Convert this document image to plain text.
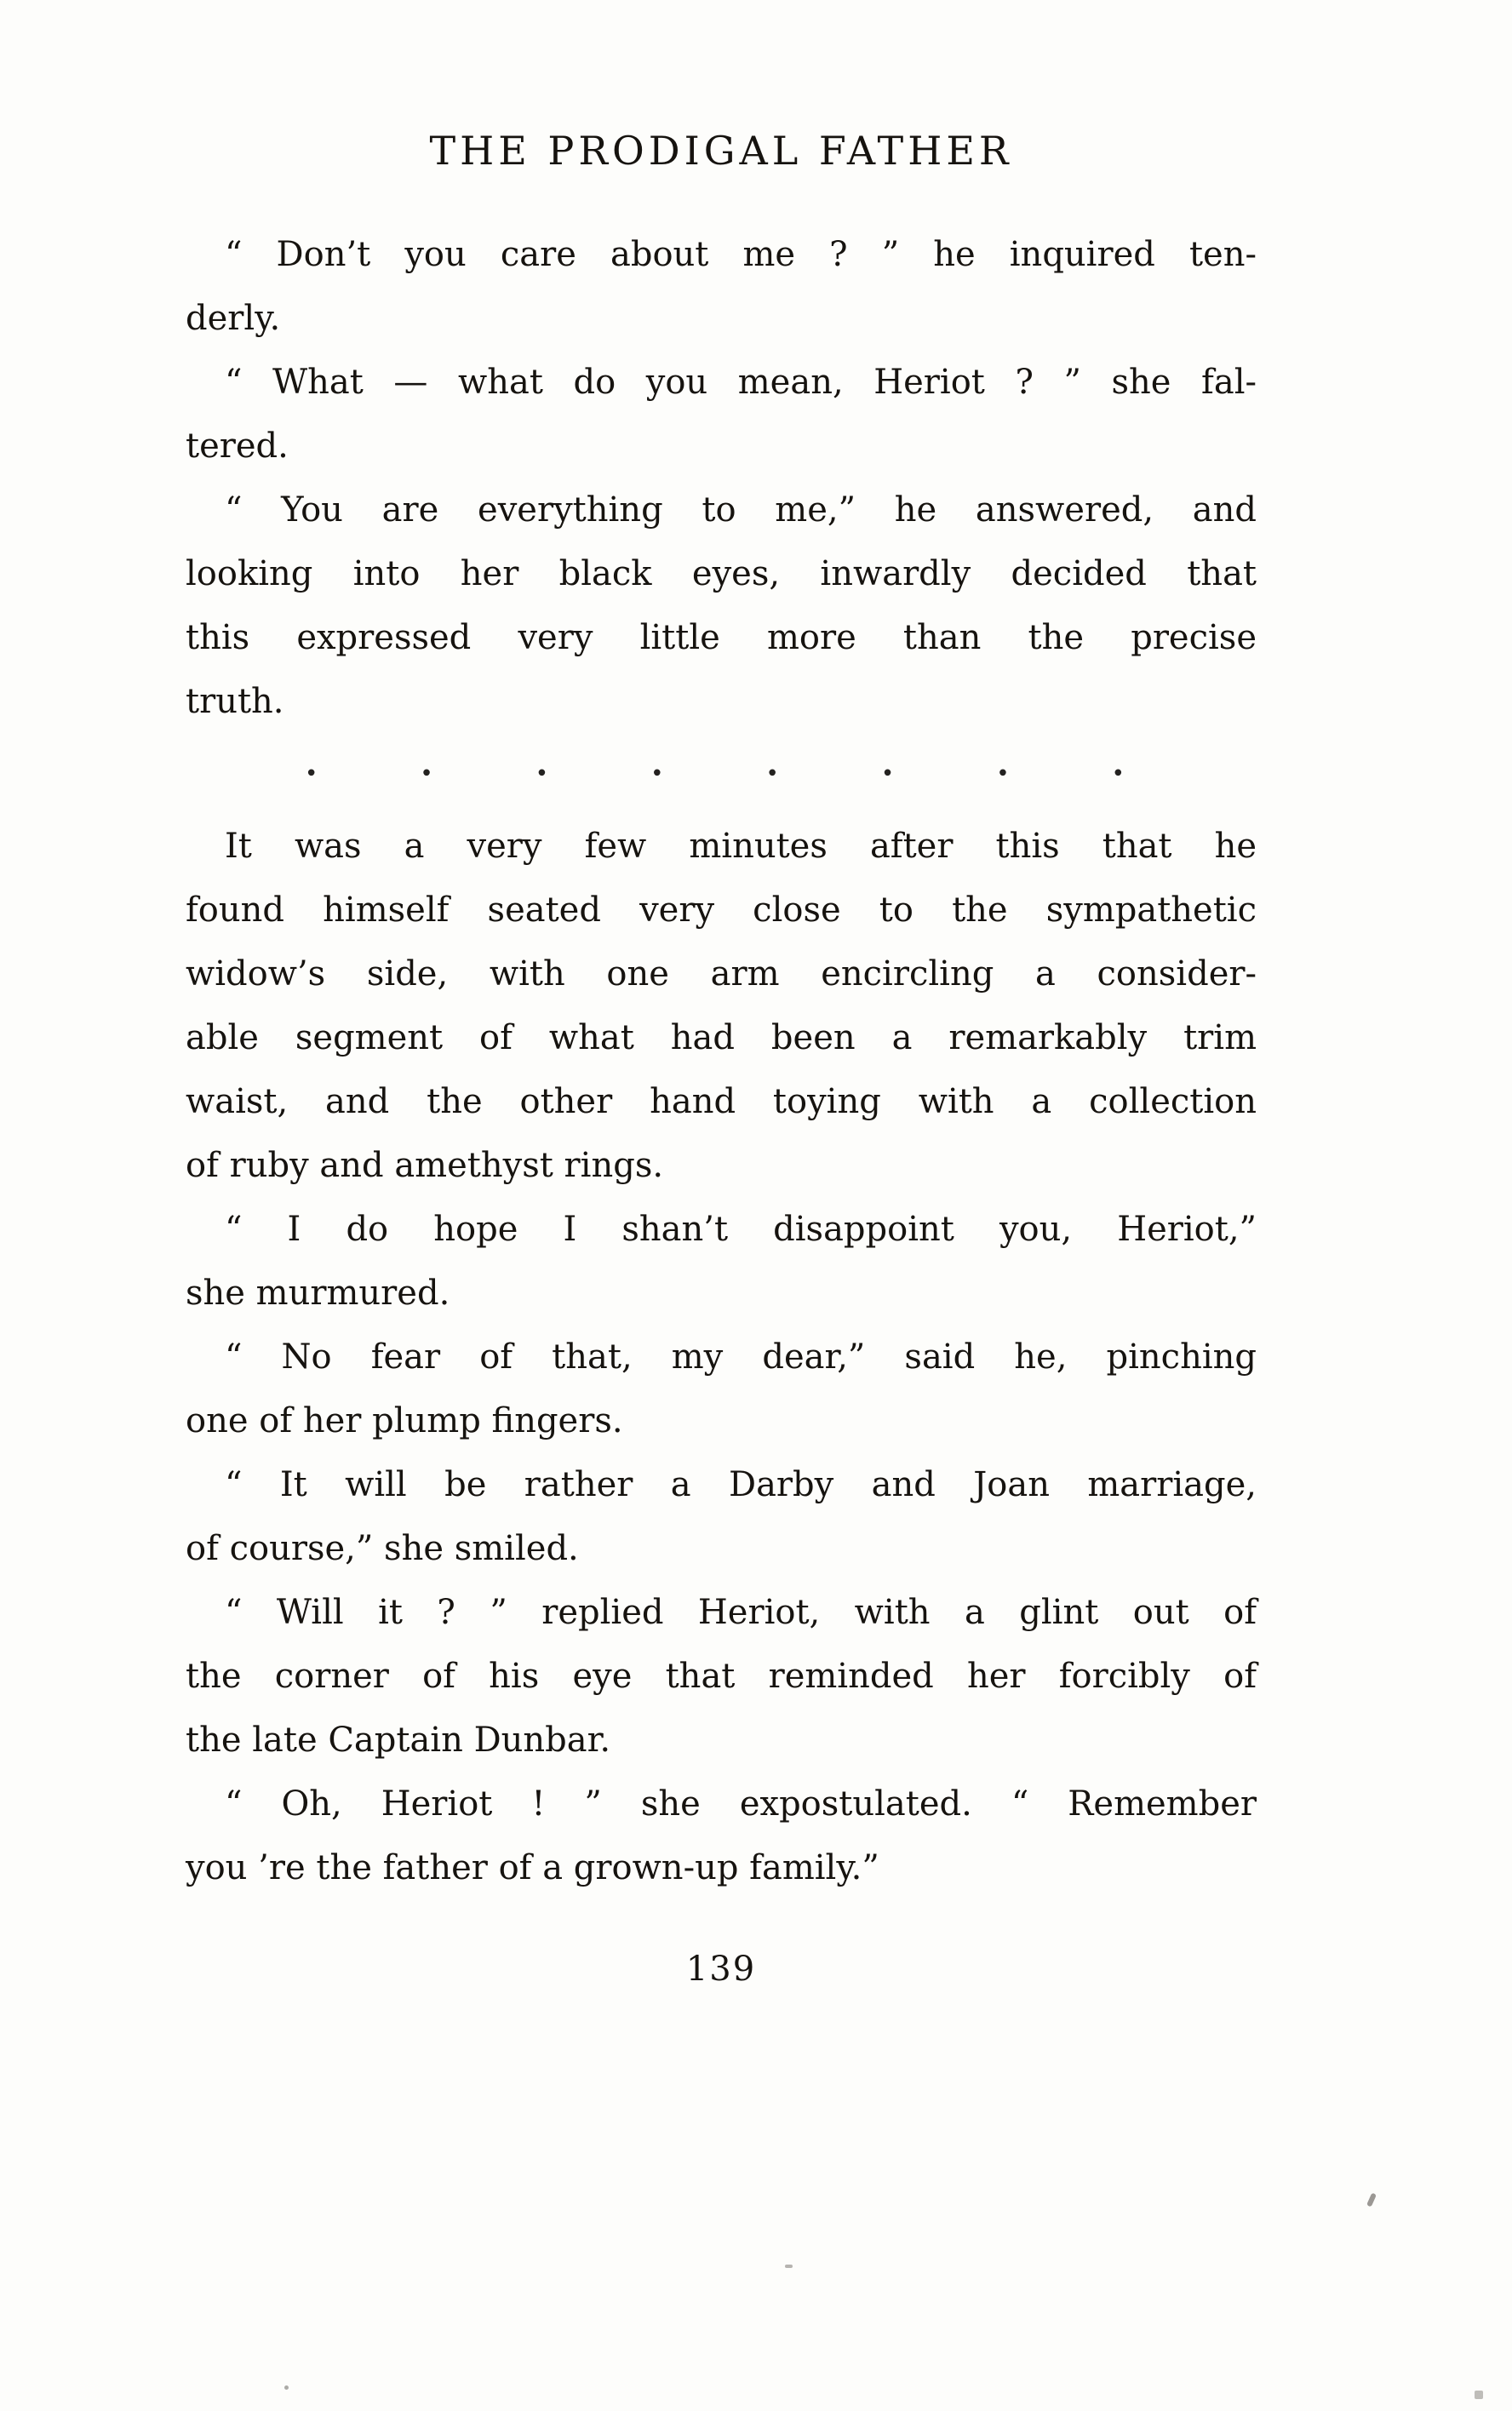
THE PRODIGAL FATHER
“ Don’t you care about me ? ” he inquired ten-
derly.
“ What — what do you mean, Heriot ? ” she fal-
tered.
“ You are everything to me,” he answered, and
looking into her black eyes, inwardly decided that
this expressed very little more than the precise
truth.
•	•	•	•	•	•	•	•
It was a very few minutes after this that he
found himself seated very close to the sympathetic
widow’s side, with one arm encircling a consider-
able segment of what had been a remarkably trim
waist, and the other hand toying with a collection
of ruby and amethyst rings.
“ I do hope I shan’t disappoint you, Heriot,”
she murmured.
“ No fear of that, my dear,” said he, pinching
one of her plump fingers.
“ It will be rather a Darby and Joan marriage,
of course,” she smiled.
“ Will it ? ” replied Heriot, with a glint out of
the corner of his eye that reminded her forcibly of
the late Captain Dunbar.
“ Oh, Heriot ! ” she expostulated. “ Remember
you ’re the father of a grown-up family.”
139
